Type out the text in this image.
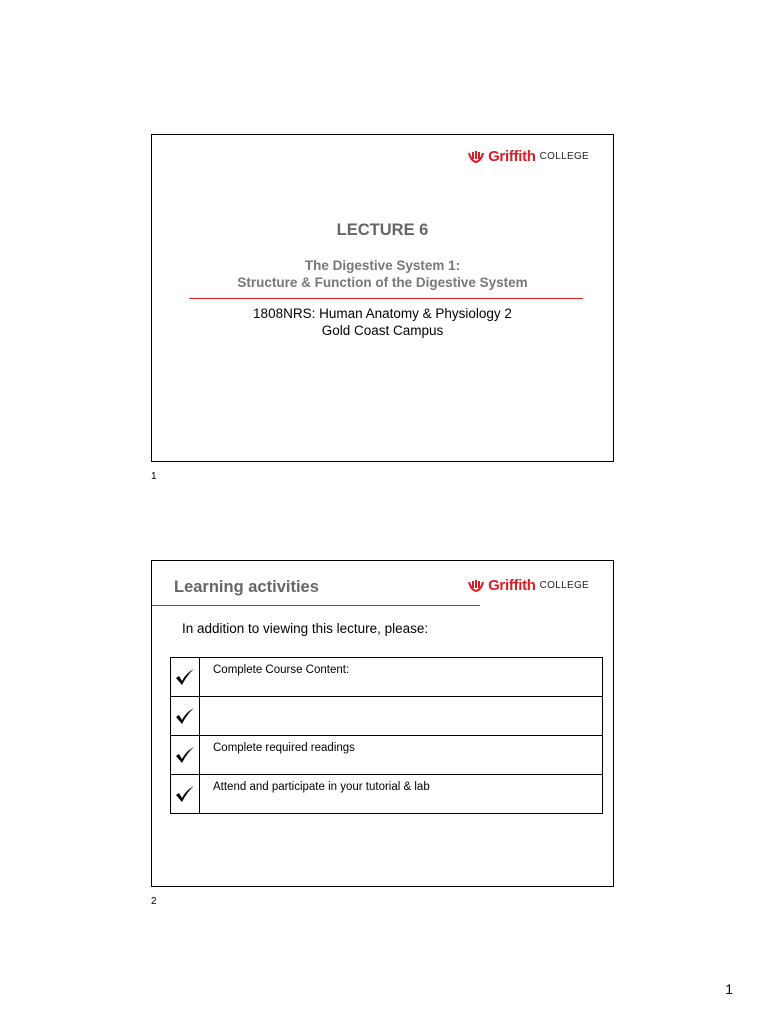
Griffith COLLEGE
LECTURE 6
The Digestive System 1:
Structure & Function of the Digestive System
1808NRS: Human Anatomy & Physiology 2
Gold Coast Campus
1
Griffith COLLEGE
Learning activities
In addition to viewing this lecture, please:
	Complete Course Content:

	Complete required readings

	Attend and participate in your tutorial & lab
2
1
